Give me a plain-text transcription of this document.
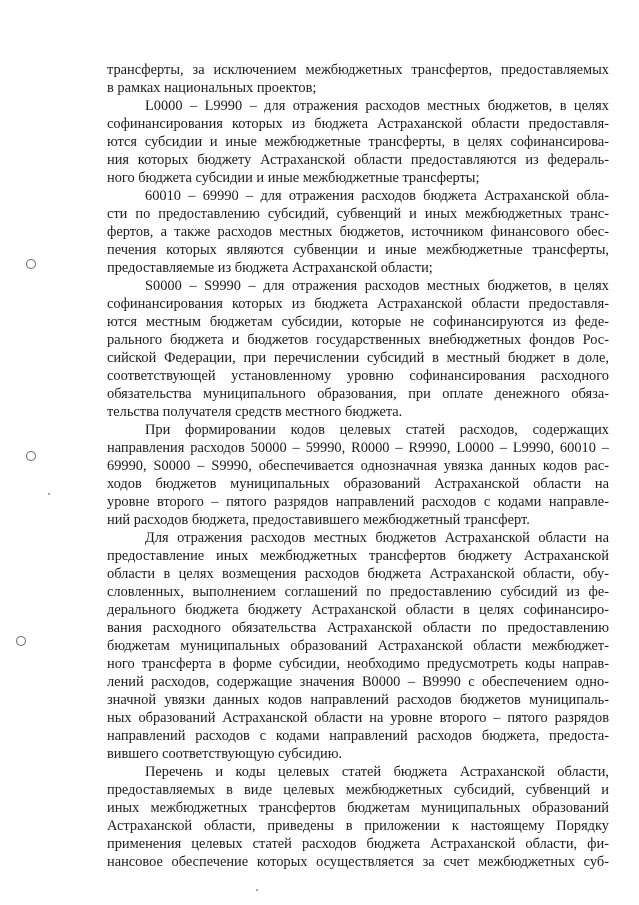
трансферты, за исключением межбюджетных трансфертов, предоставляемых
в рамках национальных проектов;
L0000 – L9990 – для отражения расходов местных бюджетов, в целях
софинансирования которых из бюджета Астраханской области предоставля-
ются субсидии и иные межбюджетные трансферты, в целях софинансирова-
ния которых бюджету Астраханской области предоставляются из федераль-
ного бюджета субсидии и иные межбюджетные трансферты;
60010 – 69990 – для отражения расходов бюджета Астраханской обла-
сти по предоставлению субсидий, субвенций и иных межбюджетных транс-
фертов, а также расходов местных бюджетов, источником финансового обес-
печения которых являются субвенции и иные межбюджетные трансферты,
предоставляемые из бюджета Астраханской области;
S0000 – S9990 – для отражения расходов местных бюджетов, в целях
софинансирования которых из бюджета Астраханской области предоставля-
ются местным бюджетам субсидии, которые не софинансируются из феде-
рального бюджета и бюджетов государственных внебюджетных фондов Рос-
сийской Федерации, при перечислении субсидий в местный бюджет в доле,
соответствующей установленному уровню софинансирования расходного
обязательства муниципального образования, при оплате денежного обяза-
тельства получателя средств местного бюджета.
При формировании кодов целевых статей расходов, содержащих
направления расходов 50000 – 59990, R0000 – R9990, L0000 – L9990, 60010 –
69990, S0000 – S9990, обеспечивается однозначная увязка данных кодов рас-
ходов бюджетов муниципальных образований Астраханской области на
уровне второго – пятого разрядов направлений расходов с кодами направле-
ний расходов бюджета, предоставившего межбюджетный трансферт.
Для отражения расходов местных бюджетов Астраханской области на
предоставление иных межбюджетных трансфертов бюджету Астраханской
области в целях возмещения расходов бюджета Астраханской области, обу-
словленных, выполнением соглашений по предоставлению субсидий из фе-
дерального бюджета бюджету Астраханской области в целях софинансиро-
вания расходного обязательства Астраханской области по предоставлению
бюджетам муниципальных образований Астраханской области межбюджет-
ного трансферта в форме субсидии, необходимо предусмотреть коды направ-
лений расходов, содержащие значения B0000 – B9990 с обеспечением одно-
значной увязки данных кодов направлений расходов бюджетов муниципаль-
ных образований Астраханской области на уровне второго – пятого разрядов
направлений расходов с кодами направлений расходов бюджета, предоста-
вившего соответствующую субсидию.
Перечень и коды целевых статей бюджета Астраханской области,
предоставляемых в виде целевых межбюджетных субсидий, субвенций и
иных межбюджетных трансфертов бюджетам муниципальных образований
Астраханской области, приведены в приложении к настоящему Порядку
применения целевых статей расходов бюджета Астраханской области, фи-
нансовое обеспечение которых осуществляется за счет межбюджетных суб-
